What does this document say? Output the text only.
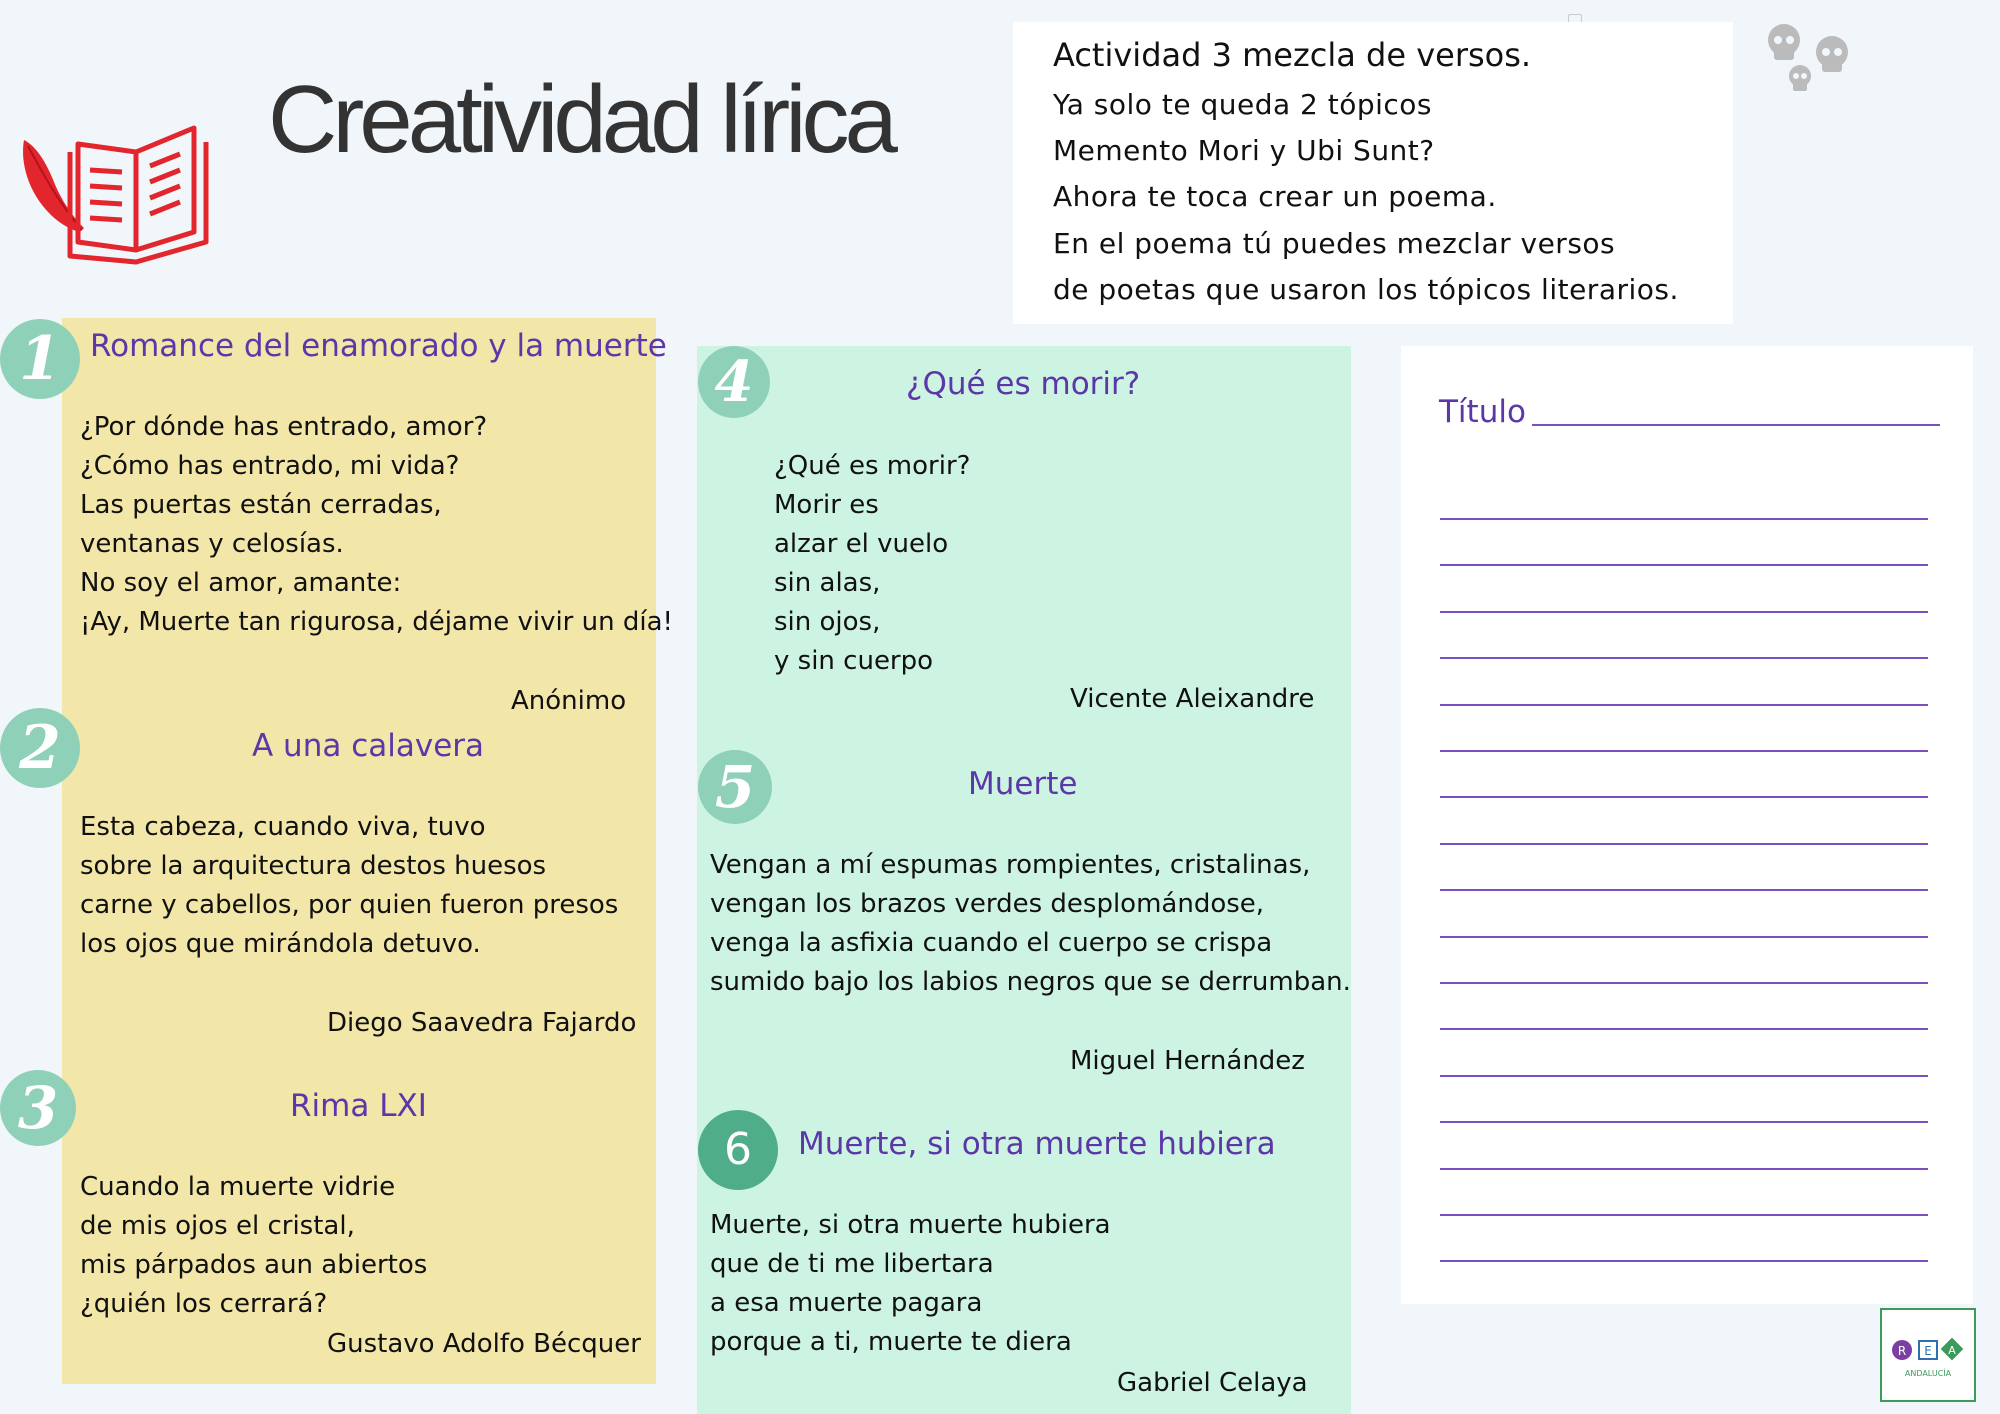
Creatividad lírica
Actividad 3 mezcla de versos.
Ya solo te queda 2 tópicos
Memento Mori y Ubi Sunt?
Ahora te toca crear un poema.
En el poema tú puedes mezclar versos
de poetas que usaron los tópicos literarios.
1 Romance del enamorado y la muerte
¿Por dónde has entrado, amor?
¿Cómo has entrado, mi vida?
Las puertas están cerradas,
ventanas y celosías.
No soy el amor, amante:
¡Ay, Muerte tan rigurosa, déjame vivir un día!
Anónimo
2	A una calavera
Esta cabeza, cuando viva, tuvo
sobre la arquitectura destos huesos
carne y cabellos, por quien fueron presos
los ojos que mirándola detuvo.
Diego Saavedra Fajardo
3	Rima LXI
Cuando la muerte vidrie
de mis ojos el cristal,
mis párpados aun abiertos
¿quién los cerrará?
Gustavo Adolfo Bécquer
4	¿Qué es morir?
¿Qué es morir?
Morir es
alzar el vuelo
sin alas,
sin ojos,
y sin cuerpo
Vicente Aleixandre
5	Muerte
Vengan a mí espumas rompientes, cristalinas,
vengan los brazos verdes desplomándose,
venga la asfixia cuando el cuerpo se crispa
sumido bajo los labios negros que se derrumban.
Miguel Hernández
6	Muerte, si otra muerte hubiera
Muerte, si otra muerte hubiera
que de ti me libertara
a esa muerte pagara
porque a ti, muerte te diera
Gabriel Celaya
Título
R E A
ANDALUCÍA
